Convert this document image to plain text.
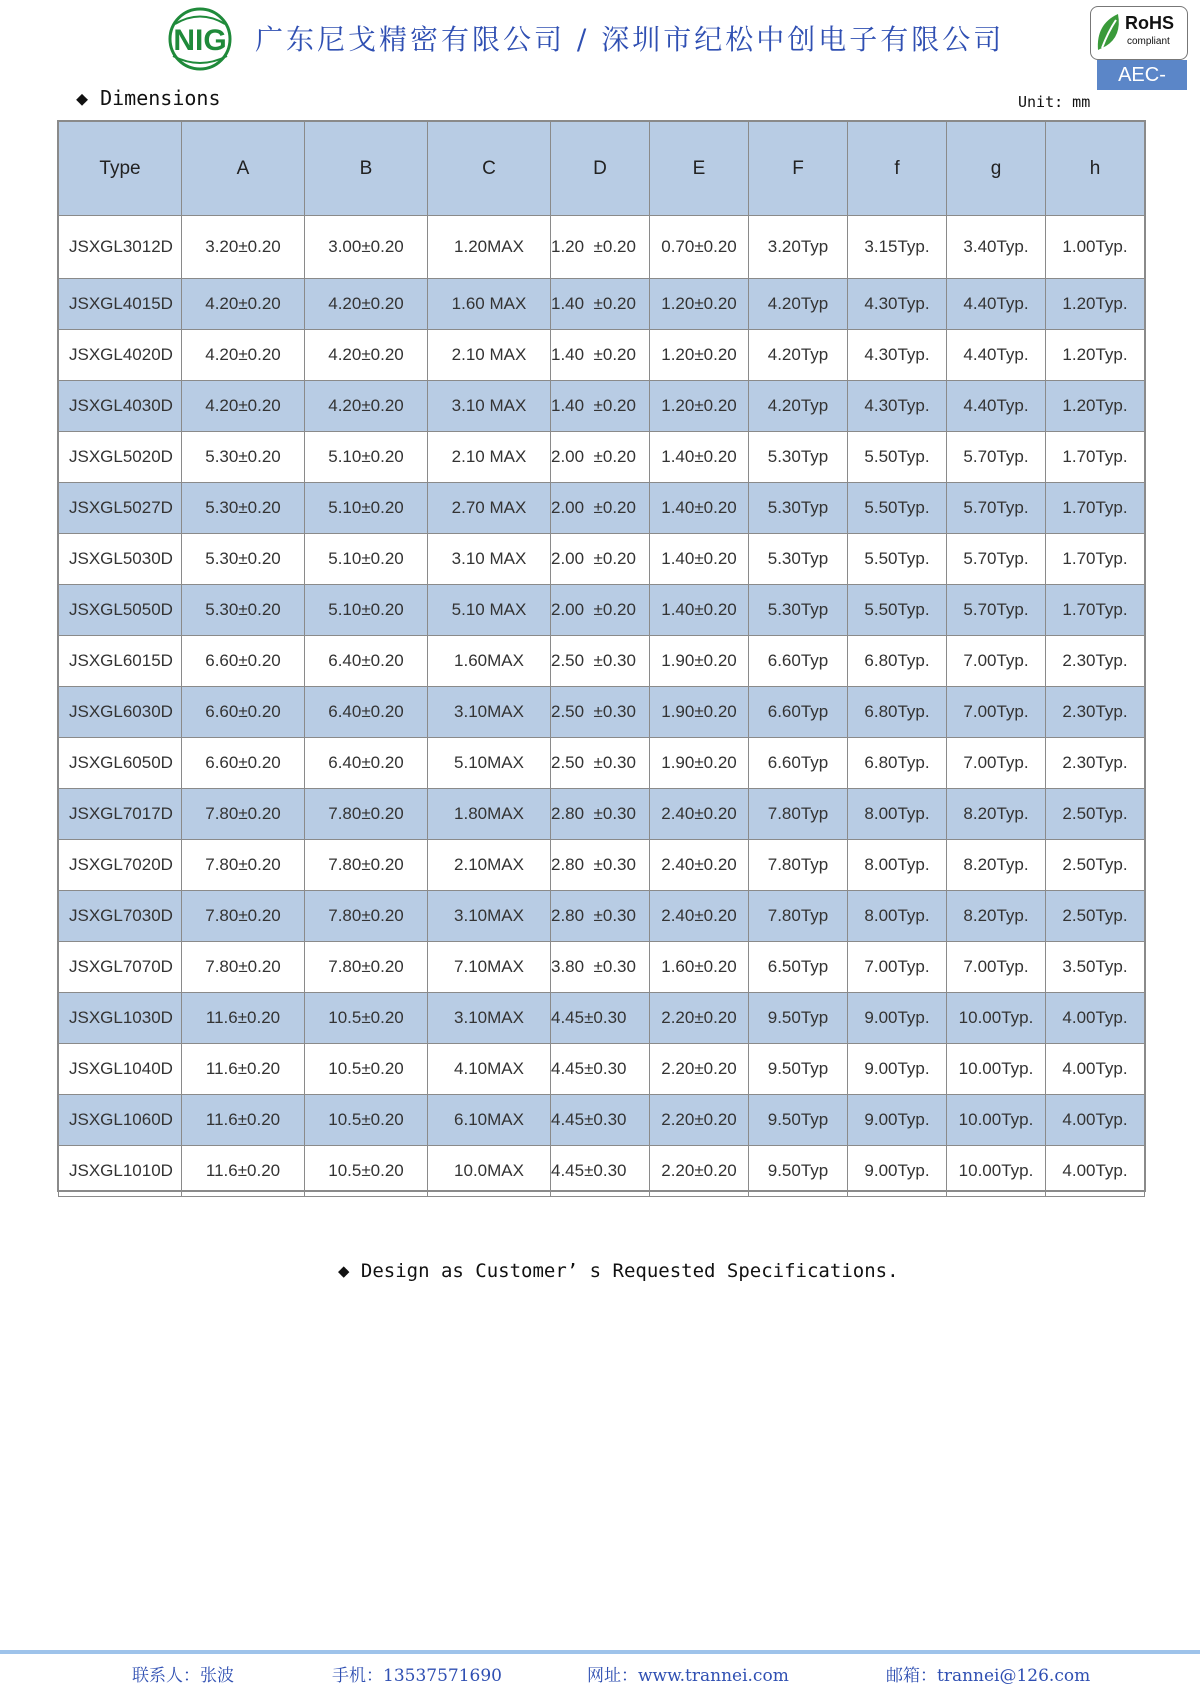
NIG 广东尼戈精密有限公司 / 深圳市纪松中创电子有限公司	RoHS
compliant
AEC-Q200
◆ Dimensions	Unit: mm
Type	A	B	C	D	E	F	f	g	h
JSXGL3012D	3.20±0.20	3.00±0.20	1.20MAX	1.20  ±0.20	0.70±0.20	3.20Typ	3.15Typ.	3.40Typ.	1.00Typ.
JSXGL4015D	4.20±0.20	4.20±0.20	1.60 MAX	1.40  ±0.20	1.20±0.20	4.20Typ	4.30Typ.	4.40Typ.	1.20Typ.
JSXGL4020D	4.20±0.20	4.20±0.20	2.10 MAX	1.40  ±0.20	1.20±0.20	4.20Typ	4.30Typ.	4.40Typ.	1.20Typ.
JSXGL4030D	4.20±0.20	4.20±0.20	3.10 MAX	1.40  ±0.20	1.20±0.20	4.20Typ	4.30Typ.	4.40Typ.	1.20Typ.
JSXGL5020D	5.30±0.20	5.10±0.20	2.10 MAX	2.00  ±0.20	1.40±0.20	5.30Typ	5.50Typ.	5.70Typ.	1.70Typ.
JSXGL5027D	5.30±0.20	5.10±0.20	2.70 MAX	2.00  ±0.20	1.40±0.20	5.30Typ	5.50Typ.	5.70Typ.	1.70Typ.
JSXGL5030D	5.30±0.20	5.10±0.20	3.10 MAX	2.00  ±0.20	1.40±0.20	5.30Typ	5.50Typ.	5.70Typ.	1.70Typ.
JSXGL5050D	5.30±0.20	5.10±0.20	5.10 MAX	2.00  ±0.20	1.40±0.20	5.30Typ	5.50Typ.	5.70Typ.	1.70Typ.
JSXGL6015D	6.60±0.20	6.40±0.20	1.60MAX	2.50  ±0.30	1.90±0.20	6.60Typ	6.80Typ.	7.00Typ.	2.30Typ.
JSXGL6030D	6.60±0.20	6.40±0.20	3.10MAX	2.50  ±0.30	1.90±0.20	6.60Typ	6.80Typ.	7.00Typ.	2.30Typ.
JSXGL6050D	6.60±0.20	6.40±0.20	5.10MAX	2.50  ±0.30	1.90±0.20	6.60Typ	6.80Typ.	7.00Typ.	2.30Typ.
JSXGL7017D	7.80±0.20	7.80±0.20	1.80MAX	2.80  ±0.30	2.40±0.20	7.80Typ	8.00Typ.	8.20Typ.	2.50Typ.
JSXGL7020D	7.80±0.20	7.80±0.20	2.10MAX	2.80  ±0.30	2.40±0.20	7.80Typ	8.00Typ.	8.20Typ.	2.50Typ.
JSXGL7030D	7.80±0.20	7.80±0.20	3.10MAX	2.80  ±0.30	2.40±0.20	7.80Typ	8.00Typ.	8.20Typ.	2.50Typ.
JSXGL7070D	7.80±0.20	7.80±0.20	7.10MAX	3.80  ±0.30	1.60±0.20	6.50Typ	7.00Typ.	7.00Typ.	3.50Typ.
JSXGL1030D	11.6±0.20	10.5±0.20	3.10MAX	4.45±0.30	2.20±0.20	9.50Typ	9.00Typ.	10.00Typ.	4.00Typ.
JSXGL1040D	11.6±0.20	10.5±0.20	4.10MAX	4.45±0.30	2.20±0.20	9.50Typ	9.00Typ.	10.00Typ.	4.00Typ.
JSXGL1060D	11.6±0.20	10.5±0.20	6.10MAX	4.45±0.30	2.20±0.20	9.50Typ	9.00Typ.	10.00Typ.	4.00Typ.
JSXGL1010D	11.6±0.20	10.5±0.20	10.0MAX	4.45±0.30	2.20±0.20	9.50Typ	9.00Typ.	10.00Typ.	4.00Typ.
◆ Design as Customer’ s Requested Specifications.
联系人：张波	手机：13537571690	网址：www.trannei.com	邮箱：trannei@126.com
